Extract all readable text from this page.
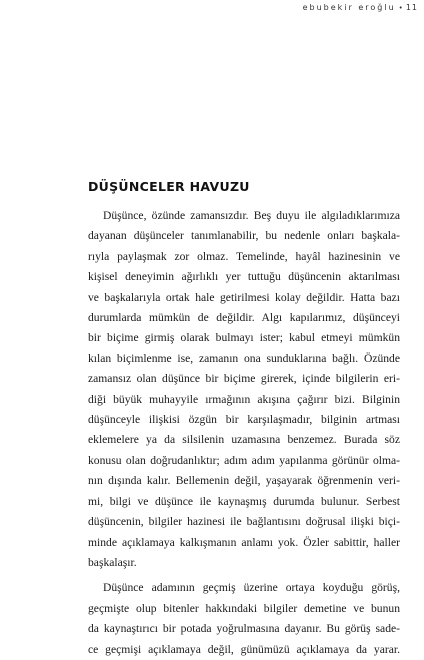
ebubekir eroğlu • 11
DÜŞÜNCELER HAVUZU

Düşünce, özünde zamansızdır. Beş duyu ile algıladıklarımıza
dayanan düşünceler tanımlanabilir, bu nedenle onları başkala-
rıyla paylaşmak zor olmaz. Temelinde, hayâl hazinesinin ve
kişisel deneyimin ağırlıklı yer tuttuğu düşüncenin aktarılması
ve başkalarıyla ortak hale getirilmesi kolay değildir. Hatta bazı
durumlarda mümkün de değildir. Algı kapılarımız, düşünceyi
bir biçime girmiş olarak bulmayı ister; kabul etmeyi mümkün
kılan biçimlenme ise, zamanın ona sunduklarına bağlı. Özünde
zamansız olan düşünce bir biçime girerek, içinde bilgilerin eri-
diği büyük muhayyile ırmağının akışına çağırır bizi. Bilginin
düşünceyle ilişkisi özgün bir karşılaşmadır, bilginin artması
eklemelere ya da silsilenin uzamasına benzemez. Burada söz
konusu olan doğrudanlıktır; adım adım yapılanma görünür olma-
nın dışında kalır. Bellemenin değil, yaşayarak öğrenmenin veri-
mi, bilgi ve düşünce ile kaynaşmış durumda bulunur. Serbest
düşüncenin, bilgiler hazinesi ile bağlantısını doğrusal ilişki biçi-
minde açıklamaya kalkışmanın anlamı yok. Özler sabittir, haller
başkalaşır.

Düşünce adamının geçmiş üzerine ortaya koyduğu görüş,
geçmişte olup bitenler hakkındaki bilgiler demetine ve bunun
da kaynaştırıcı bir potada yoğrulmasına dayanır. Bu görüş sade-
ce geçmişi açıklamaya değil, günümüzü açıklamaya da yarar.
